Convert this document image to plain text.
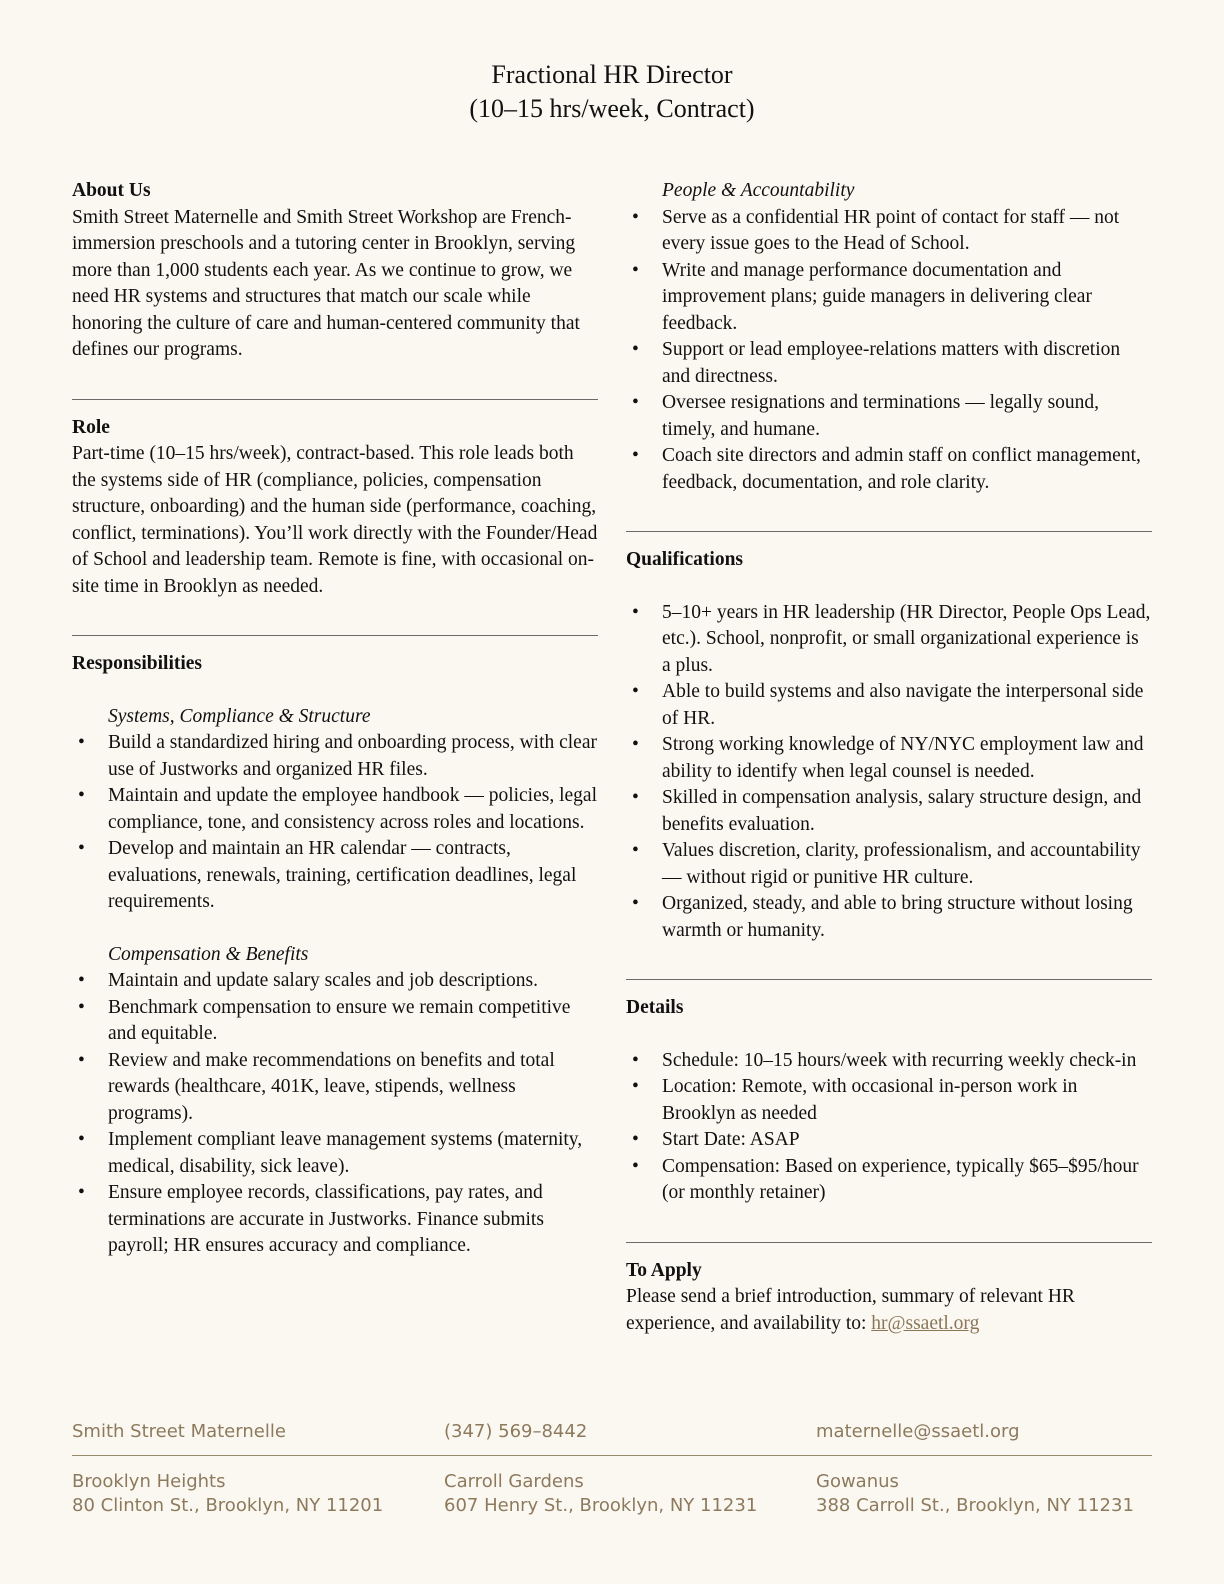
Fractional HR Director
(10–15 hrs/week, Contract)
About Us

Smith Street Maternelle and Smith Street Workshop are French-immersion preschools and a tutoring center in Brooklyn, serving more than 1,000 students each year. As we continue to grow, we need HR systems and structures that match our scale while honoring the culture of care and human-centered community that defines our programs.

Role

Part-time (10–15 hrs/week), contract-based. This role leads both the systems side of HR (compliance, policies, compensation structure, onboarding) and the human side (performance, coaching, conflict, terminations). You’ll work directly with the Founder/Head of School and leadership team. Remote is fine, with occasional on-site time in Brooklyn as needed.

Responsibilities
Systems, Compliance & Structure
• Build a standardized hiring and onboarding process, with clear use of Justworks and organized HR files.
• Maintain and update the employee handbook — policies, legal compliance, tone, and consistency across roles and locations.
• Develop and maintain an HR calendar — contracts, evaluations, renewals, training, certification deadlines, legal requirements.
Compensation & Benefits
• Maintain and update salary scales and job descriptions.
• Benchmark compensation to ensure we remain competitive and equitable.
• Review and make recommendations on benefits and total rewards (healthcare, 401K, leave, stipends, wellness programs).
• Implement compliant leave management systems (maternity, medical, disability, sick leave).
• Ensure employee records, classifications, pay rates, and terminations are accurate in Justworks. Finance submits payroll; HR ensures accuracy and compliance.
People & Accountability
• Serve as a confidential HR point of contact for staff — not every issue goes to the Head of School.
• Write and manage performance documentation and improvement plans; guide managers in delivering clear feedback.
• Support or lead employee-relations matters with discretion and directness.
• Oversee resignations and terminations — legally sound, timely, and humane.
• Coach site directors and admin staff on conflict management, feedback, documentation, and role clarity.
Qualifications
• 5–10+ years in HR leadership (HR Director, People Ops Lead, etc.). School, nonprofit, or small organizational experience is a plus.
• Able to build systems and also navigate the interpersonal side of HR.
• Strong working knowledge of NY/NYC employment law and ability to identify when legal counsel is needed.
• Skilled in compensation analysis, salary structure design, and benefits evaluation.
• Values discretion, clarity, professionalism, and accountability — without rigid or punitive HR culture.
• Organized, steady, and able to bring structure without losing warmth or humanity.
Details
• Schedule: 10–15 hours/week with recurring weekly check-in
• Location: Remote, with occasional in-person work in Brooklyn as needed
• Start Date: ASAP
• Compensation: Based on experience, typically $65–$95/hour (or monthly retainer)
To Apply

Please send a brief introduction, summary of relevant HR experience, and availability to: hr@ssaetl.org

Smith Street Maternelle	(347) 569–8442	maternelle@ssaetl.org
Brooklyn Heights
80 Clinton St., Brooklyn, NY 11201
Carroll Gardens
607 Henry St., Brooklyn, NY 11231
Gowanus
388 Carroll St., Brooklyn, NY 11231
